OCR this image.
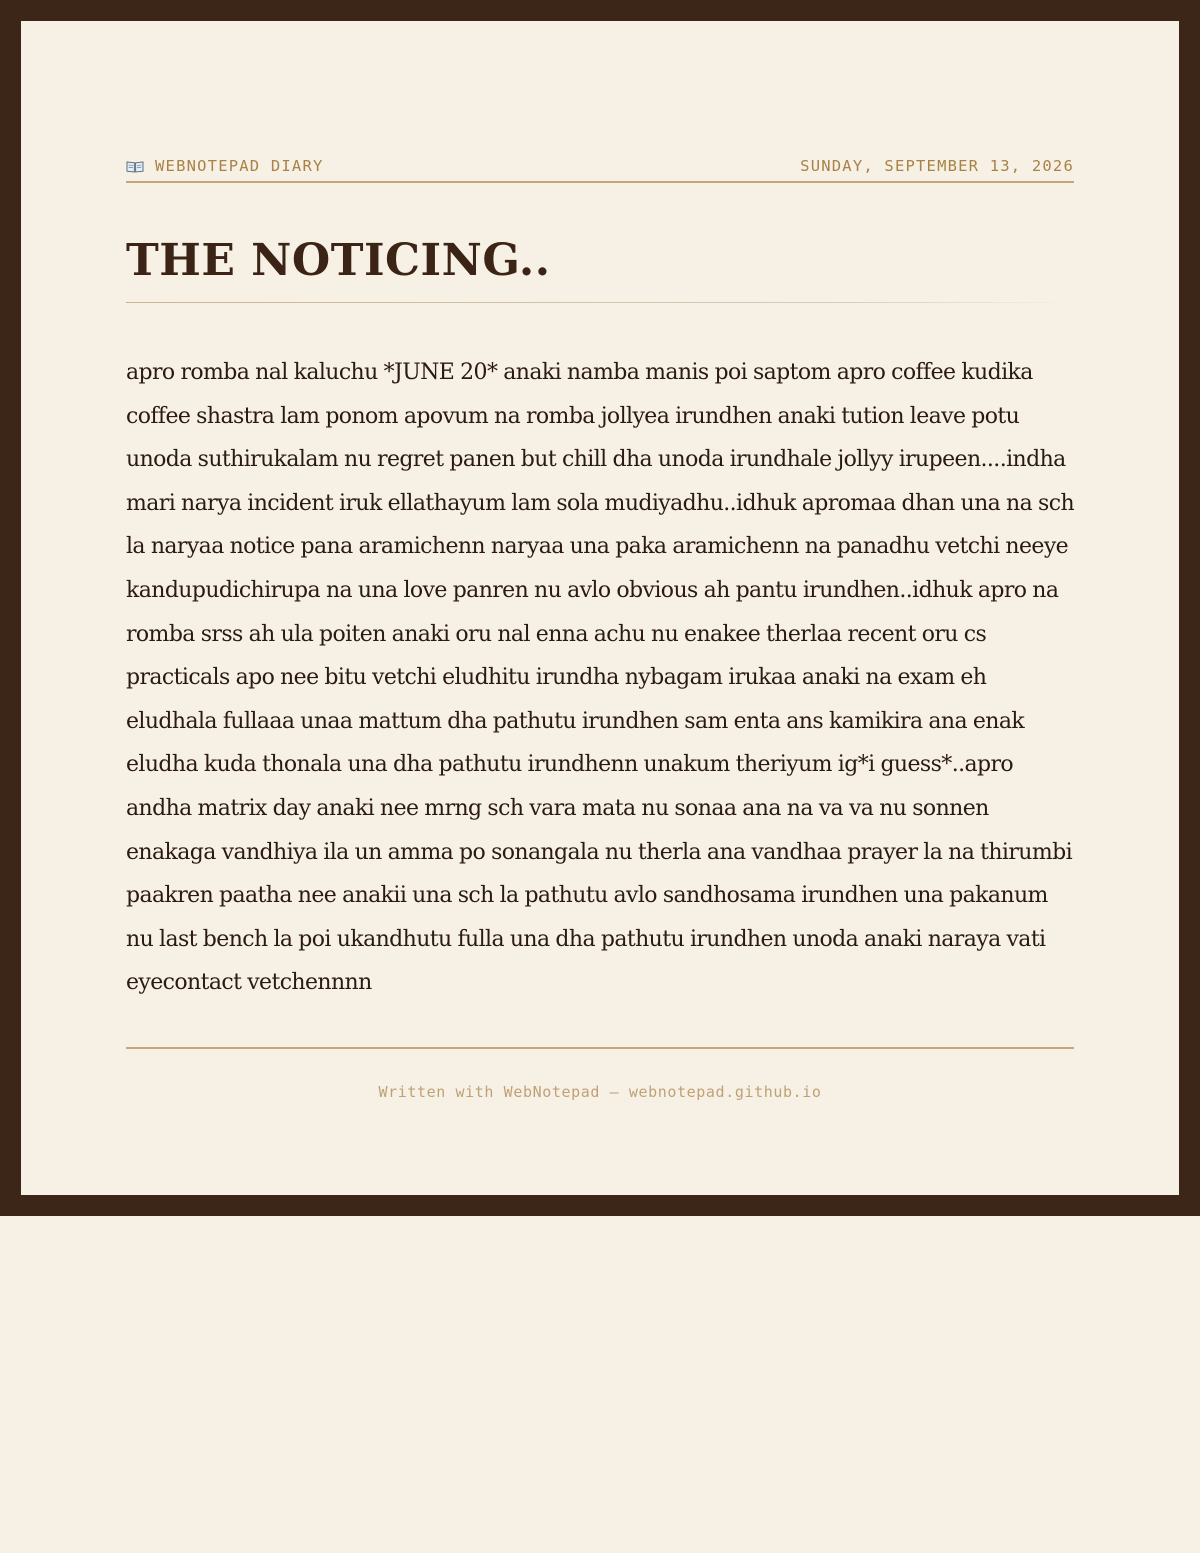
WEBNOTEPAD DIARY	SUNDAY, SEPTEMBER 13, 2026
THE NOTICING..

apro romba nal kaluchu *JUNE 20* anaki namba manis poi saptom apro coffee kudika coffee shastra lam ponom apovum na romba jollyea irundhen anaki tution leave potu unoda suthirukalam nu regret panen but chill dha unoda irundhale jollyy irupeen....indha mari narya incident iruk ellathayum lam sola mudiyadhu..idhuk apromaa dhan una na sch la naryaa notice pana aramichenn naryaa una paka aramichenn na panadhu vetchi neeye kandupudichirupa na una love panren nu avlo obvious ah pantu irundhen..idhuk apro na romba srss ah ula poiten anaki oru nal enna achu nu enakee therlaa recent oru cs practicals apo nee bitu vetchi eludhitu irundha nybagam irukaa anaki na exam eh eludhala fullaaa unaa mattum dha pathutu irundhen sam enta ans kamikira ana enak eludha kuda thonala una dha pathutu irundhenn unakum theriyum ig*i guess*..apro andha matrix day anaki nee mrng sch vara mata nu sonaa ana na va va nu sonnen enakaga vandhiya ila un amma po sonangala nu therla ana vandhaa prayer la na thirumbi paakren paatha nee anakii una sch la pathutu avlo sandhosama irundhen una pakanum nu last bench la poi ukandhutu fulla una dha pathutu irundhen unoda anaki naraya vati eyecontact vetchennnn

Written with WebNotepad — webnotepad.github.io
